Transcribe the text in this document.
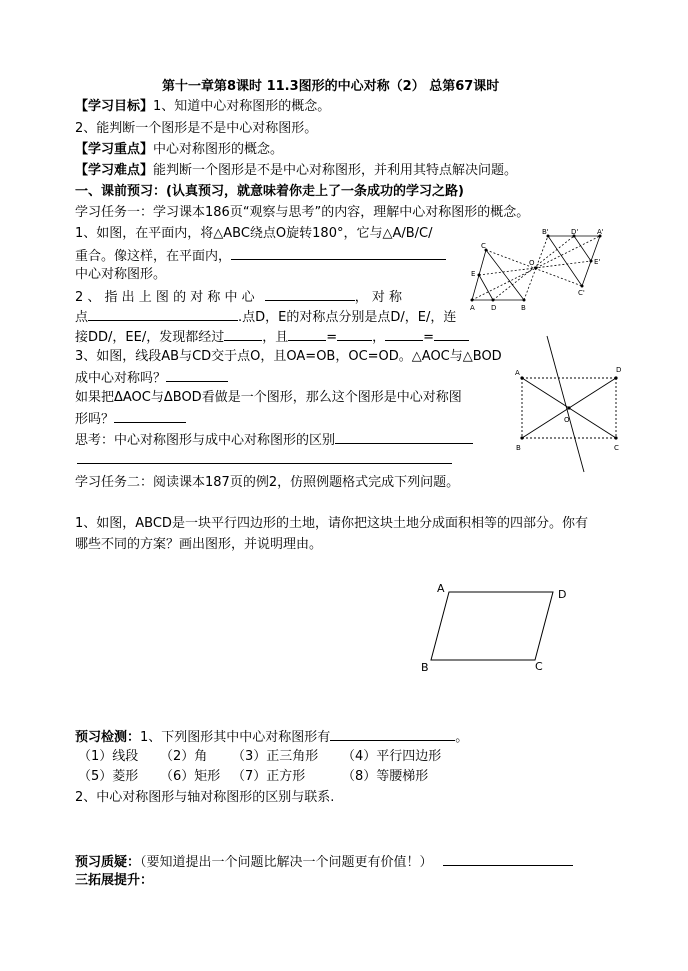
第十一章第8课时 11.3图形的中心对称（2） 总第67课时
【学习目标】1、知道中心对称图形的概念。
2、能判断一个图形是不是中心对称图形。
【学习重点】中心对称图形的概念。
【学习难点】能判断一个图形是不是中心对称图形，并利用其特点解决问题。
一、课前预习：(认真预习，就意味着你走上了一条成功的学习之路)
学习任务一：学习课本186页“观察与思考”的内容，理解中心对称图形的概念。
1、如图，在平面内，将△ABC绕点O旋转180°，它与△A/B/C/
重合。像这样，在平面内，
中心对称图形。
2 、 指 出 上 图 的 对 称 中 心	， 对 称
点	.点D，E的对称点分别是点D/，E/，连
接DD/，EE/，发现都经过	，且	=	，	=
3、如图，线段AB与CD交于点O，且OA=OB，OC=OD。△AOC与△BOD
成中心对称吗？
如果把ΔAOC与ΔBOD看做是一个图形，那么这个图形是中心对称图
形吗？
思考：中心对称图形与成中心对称图形的区别
学习任务二：阅读课本187页的例2，仿照例题格式完成下列问题。
1、如图，ABCD是一块平行四边形的土地，请你把这块土地分成面积相等的四部分。你有
哪些不同的方案？画出图形，并说明理由。
预习检测：1、下列图形其中中心对称图形有	。
（1）线段 （2）角 （3）正三角形 （4）平行四边形
（5）菱形 （6）矩形 （7）正方形	（8）等腰梯形
2、中心对称图形与轴对称图形的区别与联系.
预习质疑：（要知道提出一个问题比解决一个问题更有价值！）
三拓展提升：
C
E
A D	B
B'	D'	A'
O	E'
C'
A	D
O
B	C
A	D
B	C
